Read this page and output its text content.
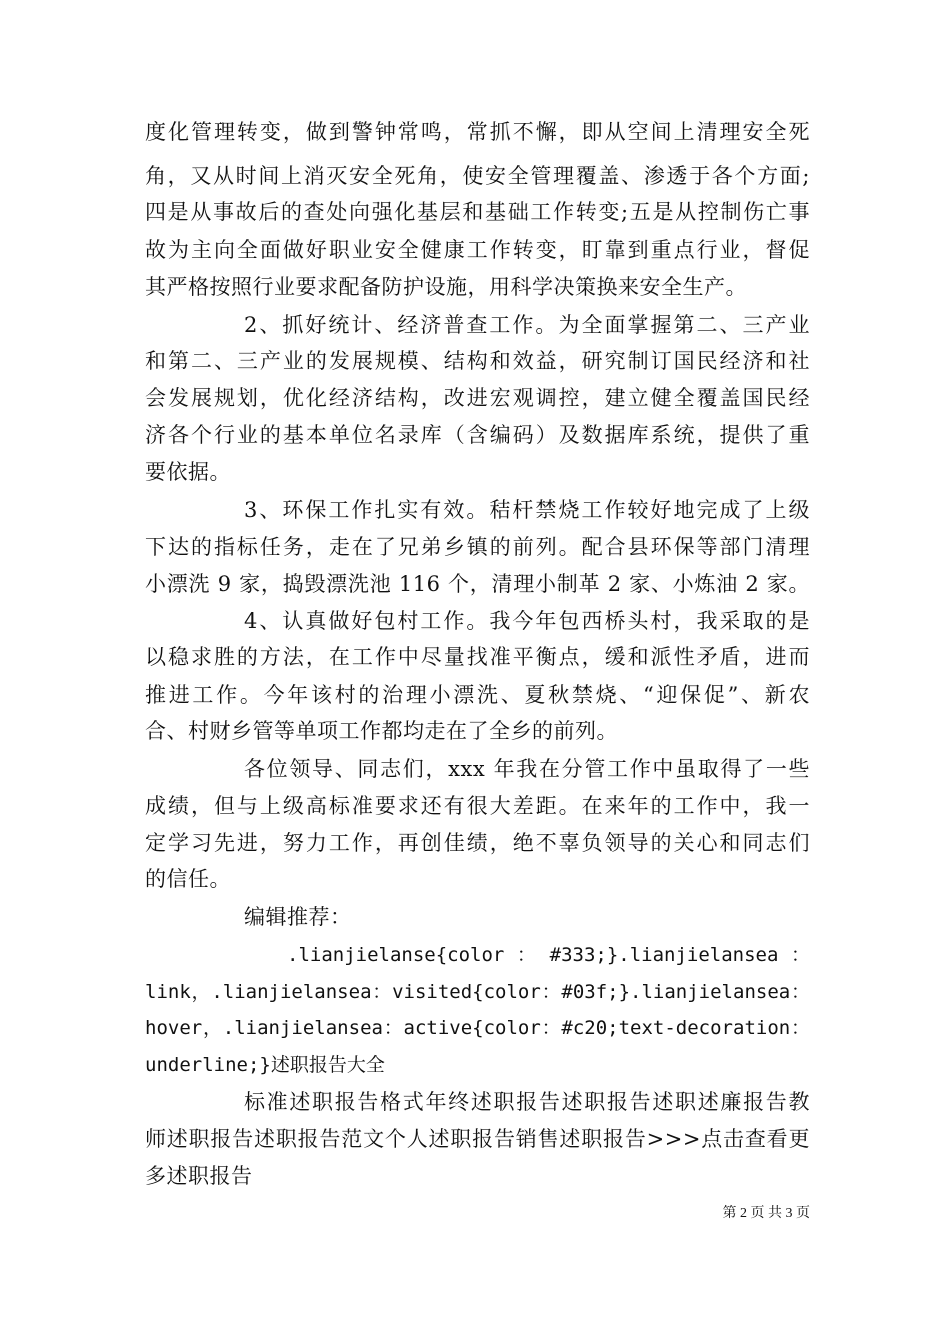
度化管理转变，做到警钟常鸣，常抓不懈，即从空间上清理安全死
角，又从时间上消灭安全死角，使安全管理覆盖、渗透于各个方面;
四是从事故后的查处向强化基层和基础工作转变;五是从控制伤亡事
故为主向全面做好职业安全健康工作转变，盯靠到重点行业，督促
其严格按照行业要求配备防护设施，用科学决策换来安全生产。
2、抓好统计、经济普查工作。为全面掌握第二、三产业
和第二、三产业的发展规模、结构和效益，研究制订国民经济和社
会发展规划，优化经济结构，改进宏观调控，建立健全覆盖国民经
济各个行业的基本单位名录库（含编码）及数据库系统，提供了重
要依据。
3、环保工作扎实有效。秸杆禁烧工作较好地完成了上级
下达的指标任务，走在了兄弟乡镇的前列。配合县环保等部门清理
小漂洗 9 家，捣毁漂洗池 116 个，清理小制革 2 家、小炼油 2 家。
4、认真做好包村工作。我今年包西桥头村，我采取的是
以稳求胜的方法，在工作中尽量找准平衡点，缓和派性矛盾，进而
推进工作。今年该村的治理小漂洗、夏秋禁烧、“迎保促”、新农
合、村财乡管等单项工作都均走在了全乡的前列。
各位领导、同志们，xxx 年我在分管工作中虽取得了一些
成绩，但与上级高标准要求还有很大差距。在来年的工作中，我一
定学习先进，努力工作，再创佳绩，绝不辜负领导的关心和同志们
的信任。
编辑推荐：
.lianjielanse{color ： #333;}.lianjielansea ：
link，.lianjielansea：visited{color：#03f;}.lianjielansea：
hover，.lianjielansea：active{color：#c20;text-decoration：
underline;}述职报告大全
标准述职报告格式年终述职报告述职报告述职述廉报告教
师述职报告述职报告范文个人述职报告销售述职报告>>>点击查看更
多述职报告
第 2 页 共 3 页
